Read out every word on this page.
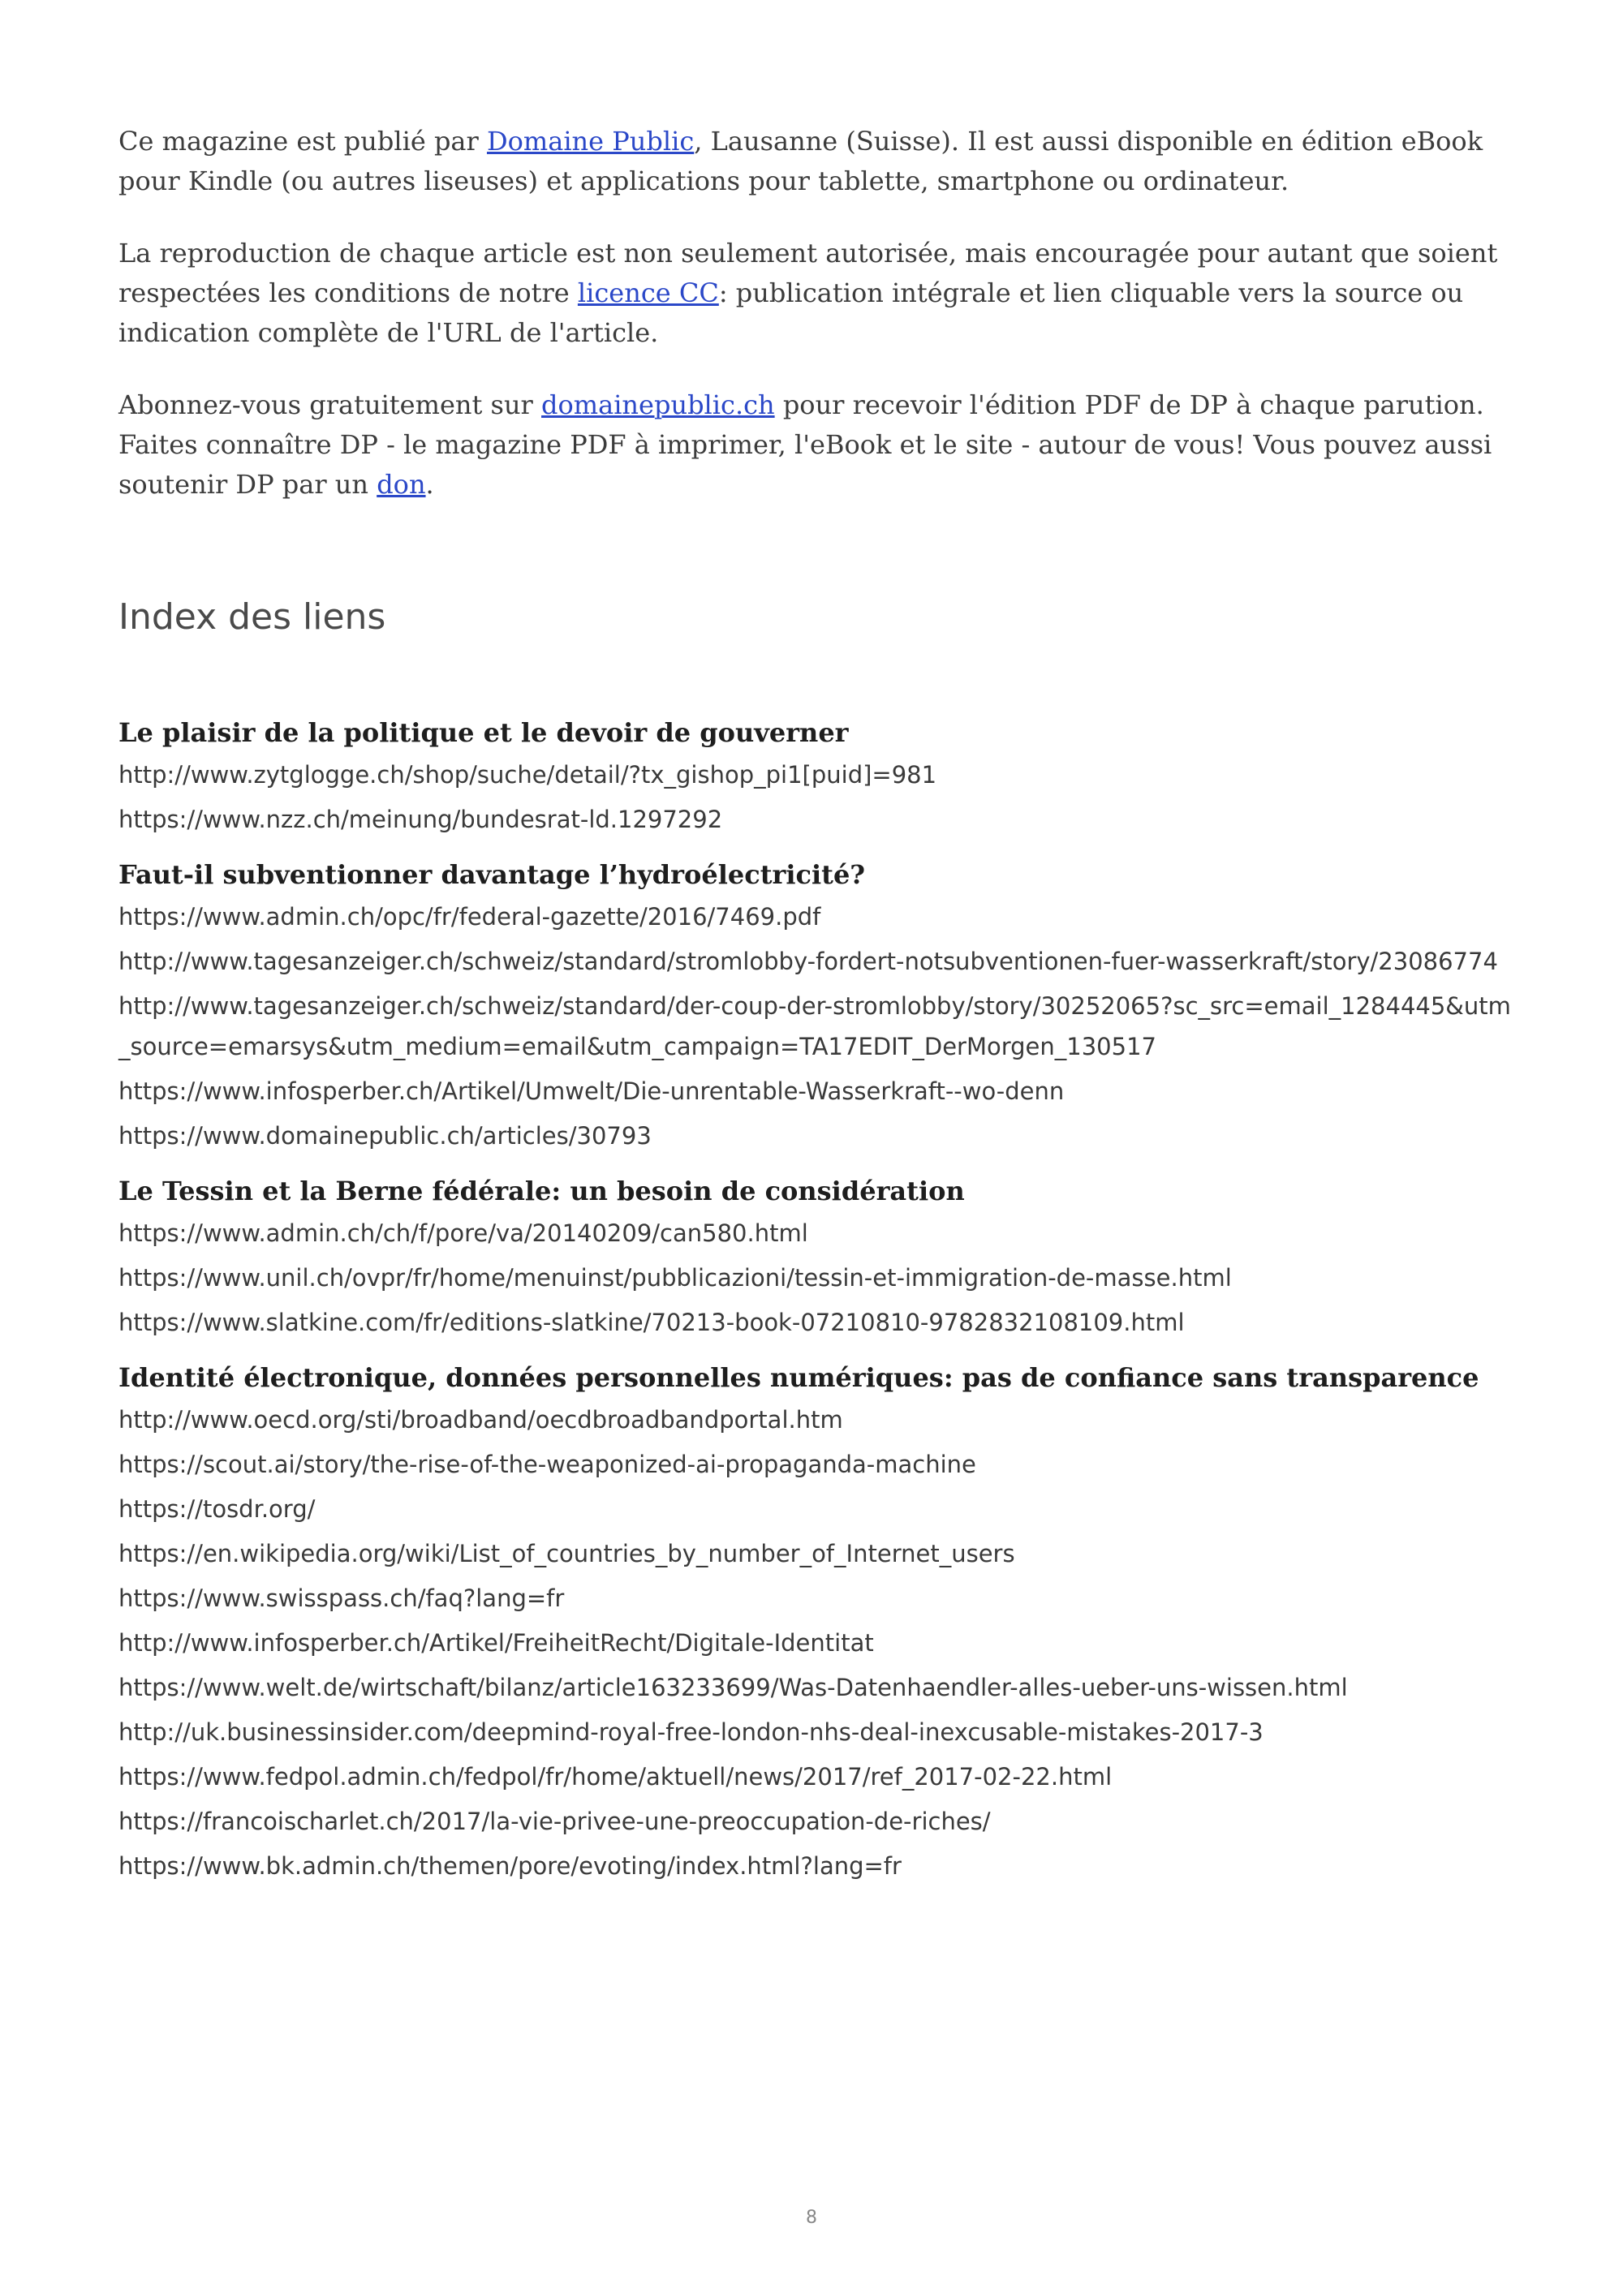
Ce magazine est publié par Domaine Public, Lausanne (Suisse). Il est aussi disponible en édition eBook pour Kindle (ou autres liseuses) et applications pour tablette, smartphone ou ordinateur.

La reproduction de chaque article est non seulement autorisée, mais encouragée pour autant que soient respectées les conditions de notre licence CC: publication intégrale et lien cliquable vers la source ou indication complète de l'URL de l'article.

Abonnez-vous gratuitement sur domainepublic.ch pour recevoir l'édition PDF de DP à chaque parution. Faites connaître DP - le magazine PDF à imprimer, l'eBook et le site - autour de vous! Vous pouvez aussi soutenir DP par un don.

Index des liens
Le plaisir de la politique et le devoir de gouverner
http://www.zytglogge.ch/shop/suche/detail/?tx_gishop_pi1[puid]=981
https://www.nzz.ch/meinung/bundesrat-ld.1297292
Faut-il subventionner davantage l’hydroélectricité?
https://www.admin.ch/opc/fr/federal-gazette/2016/7469.pdf
http://www.tagesanzeiger.ch/schweiz/standard/stromlobby-fordert-notsubventionen-fuer-wasserkraft/story/23086774
http://www.tagesanzeiger.ch/schweiz/standard/der-coup-der-stromlobby/story/30252065?sc_src=email_1284445&utm_source=emarsys&utm_medium=email&utm_campaign=TA17EDIT_DerMorgen_130517
https://www.infosperber.ch/Artikel/Umwelt/Die-unrentable-Wasserkraft--wo-denn
https://www.domainepublic.ch/articles/30793
Le Tessin et la Berne fédérale: un besoin de considération
https://www.admin.ch/ch/f/pore/va/20140209/can580.html
https://www.unil.ch/ovpr/fr/home/menuinst/pubblicazioni/tessin-et-immigration-de-masse.html
https://www.slatkine.com/fr/editions-slatkine/70213-book-07210810-9782832108109.html
Identité électronique, données personnelles numériques: pas de confiance sans transparence
http://www.oecd.org/sti/broadband/oecdbroadbandportal.htm
https://scout.ai/story/the-rise-of-the-weaponized-ai-propaganda-machine
https://tosdr.org/
https://en.wikipedia.org/wiki/List_of_countries_by_number_of_Internet_users
https://www.swisspass.ch/faq?lang=fr
http://www.infosperber.ch/Artikel/FreiheitRecht/Digitale-Identitat
https://www.welt.de/wirtschaft/bilanz/article163233699/Was-Datenhaendler-alles-ueber-uns-wissen.html
http://uk.businessinsider.com/deepmind-royal-free-london-nhs-deal-inexcusable-mistakes-2017-3
https://www.fedpol.admin.ch/fedpol/fr/home/aktuell/news/2017/ref_2017-02-22.html
https://francoischarlet.ch/2017/la-vie-privee-une-preoccupation-de-riches/
https://www.bk.admin.ch/themen/pore/evoting/index.html?lang=fr
8
